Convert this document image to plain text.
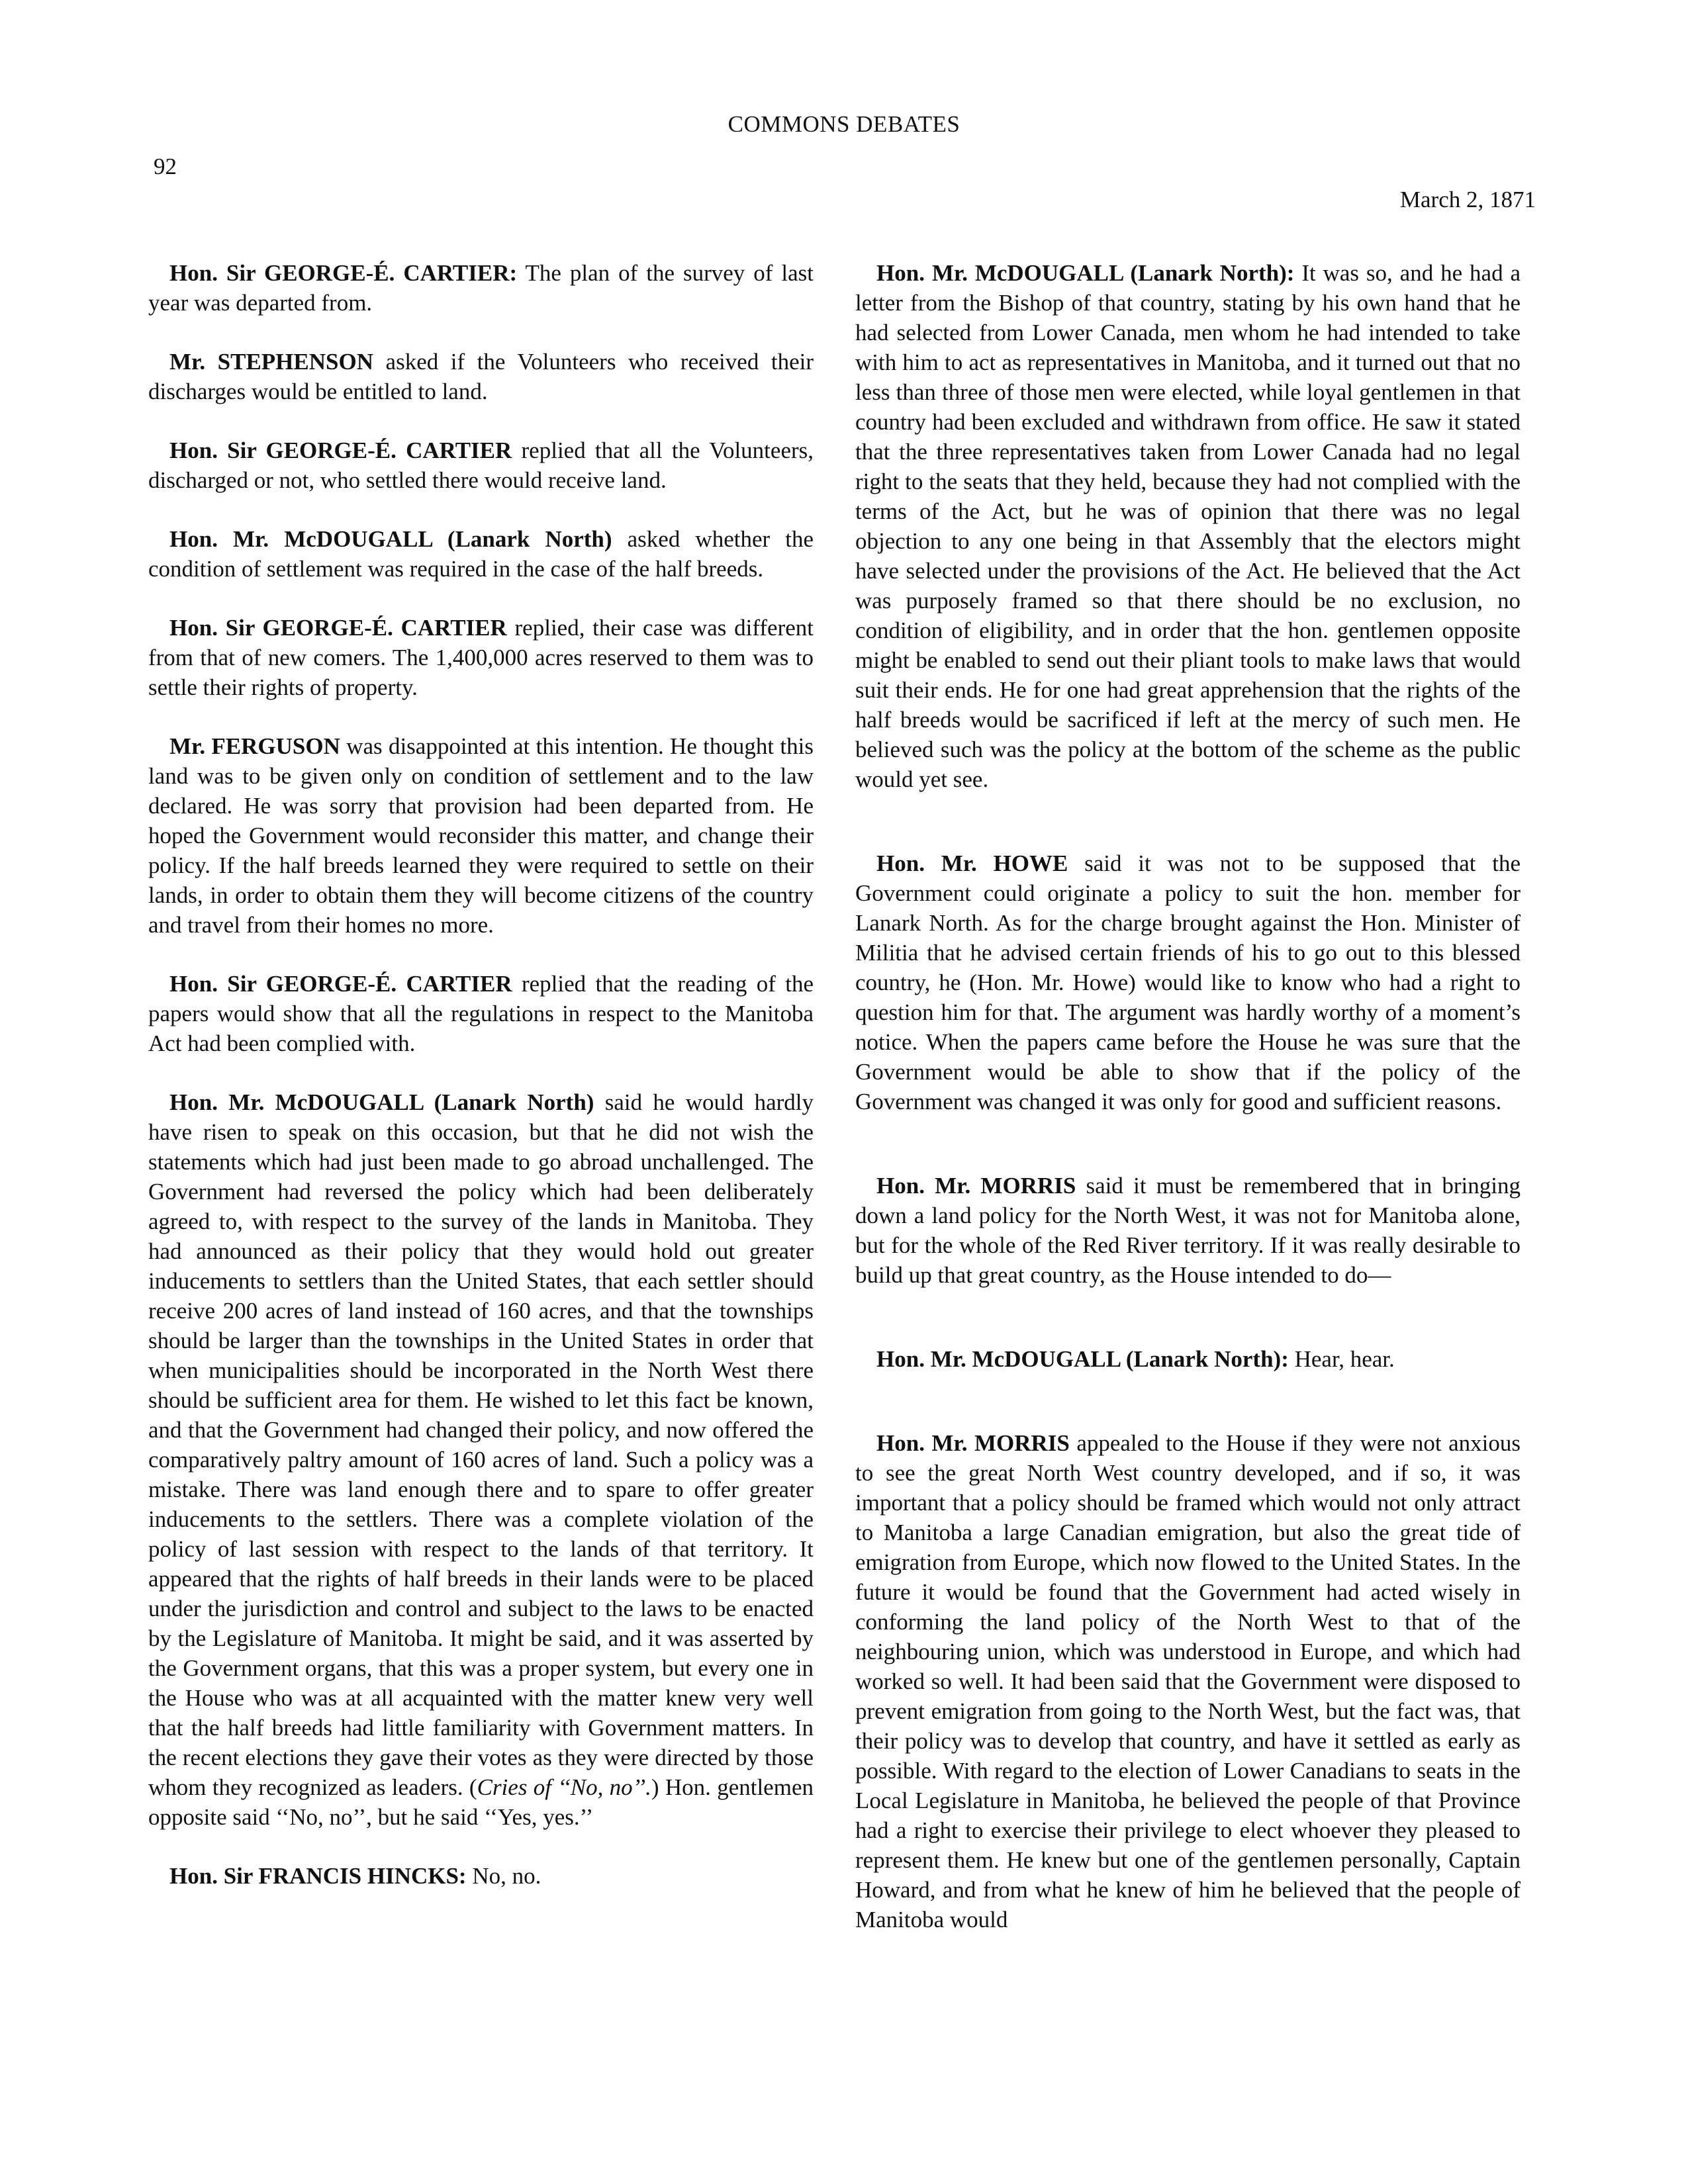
COMMONS DEBATES
92
March 2, 1871

Hon. Sir GEORGE-É. CARTIER: The plan of the survey of last year was departed from.

Mr. STEPHENSON asked if the Volunteers who received their discharges would be entitled to land.

Hon. Sir GEORGE-É. CARTIER replied that all the Volunteers, discharged or not, who settled there would receive land.

Hon. Mr. McDOUGALL (Lanark North) asked whether the condition of settlement was required in the case of the half breeds.

Hon. Sir GEORGE-É. CARTIER replied, their case was different from that of new comers. The 1,400,000 acres reserved to them was to settle their rights of property.

Mr. FERGUSON was disappointed at this intention. He thought this land was to be given only on condition of settlement and to the law declared. He was sorry that provision had been departed from. He hoped the Government would reconsider this matter, and change their policy. If the half breeds learned they were required to settle on their lands, in order to obtain them they will become citizens of the country and travel from their homes no more.

Hon. Sir GEORGE-É. CARTIER replied that the reading of the papers would show that all the regulations in respect to the Manitoba Act had been complied with.

Hon. Mr. McDOUGALL (Lanark North) said he would hardly have risen to speak on this occasion, but that he did not wish the statements which had just been made to go abroad unchallenged. The Government had reversed the policy which had been deliberately agreed to, with respect to the survey of the lands in Manitoba. They had announced as their policy that they would hold out greater inducements to settlers than the United States, that each settler should receive 200 acres of land instead of 160 acres, and that the townships should be larger than the townships in the United States in order that when municipalities should be incorporated in the North West there should be sufficient area for them. He wished to let this fact be known, and that the Government had changed their policy, and now offered the comparatively paltry amount of 160 acres of land. Such a policy was a mistake. There was land enough there and to spare to offer greater inducements to the settlers. There was a complete violation of the policy of last session with respect to the lands of that territory. It appeared that the rights of half breeds in their lands were to be placed under the jurisdiction and control and subject to the laws to be enacted by the Legislature of Manitoba. It might be said, and it was asserted by the Government organs, that this was a proper system, but every one in the House who was at all acquainted with the matter knew very well that the half breeds had little familiarity with Government matters. In the recent elections they gave their votes as they were directed by those whom they recognized as leaders. (Cries of ‘‘No, no’’.) Hon. gentlemen opposite said ‘‘No, no’’, but he said ‘‘Yes, yes.’’

Hon. Sir FRANCIS HINCKS: No, no.

Hon. Mr. McDOUGALL (Lanark North): It was so, and he had a letter from the Bishop of that country, stating by his own hand that he had selected from Lower Canada, men whom he had intended to take with him to act as representatives in Manitoba, and it turned out that no less than three of those men were elected, while loyal gentlemen in that country had been excluded and withdrawn from office. He saw it stated that the three representatives taken from Lower Canada had no legal right to the seats that they held, because they had not complied with the terms of the Act, but he was of opinion that there was no legal objection to any one being in that Assembly that the electors might have selected under the provisions of the Act. He believed that the Act was purposely framed so that there should be no exclusion, no condition of eligibility, and in order that the hon. gentlemen opposite might be enabled to send out their pliant tools to make laws that would suit their ends. He for one had great apprehension that the rights of the half breeds would be sacrificed if left at the mercy of such men. He believed such was the policy at the bottom of the scheme as the public would yet see.

Hon. Mr. HOWE said it was not to be supposed that the Government could originate a policy to suit the hon. member for Lanark North. As for the charge brought against the Hon. Minister of Militia that he advised certain friends of his to go out to this blessed country, he (Hon. Mr. Howe) would like to know who had a right to question him for that. The argument was hardly worthy of a moment’s notice. When the papers came before the House he was sure that the Government would be able to show that if the policy of the Government was changed it was only for good and sufficient reasons.

Hon. Mr. MORRIS said it must be remembered that in bringing down a land policy for the North West, it was not for Manitoba alone, but for the whole of the Red River territory. If it was really desirable to build up that great country, as the House intended to do—

Hon. Mr. McDOUGALL (Lanark North): Hear, hear.

Hon. Mr. MORRIS appealed to the House if they were not anxious to see the great North West country developed, and if so, it was important that a policy should be framed which would not only attract to Manitoba a large Canadian emigration, but also the great tide of emigration from Europe, which now flowed to the United States. In the future it would be found that the Government had acted wisely in conforming the land policy of the North West to that of the neighbouring union, which was understood in Europe, and which had worked so well. It had been said that the Government were disposed to prevent emigration from going to the North West, but the fact was, that their policy was to develop that country, and have it settled as early as possible. With regard to the election of Lower Canadians to seats in the Local Legislature in Manitoba, he believed the people of that Province had a right to exercise their privilege to elect whoever they pleased to represent them. He knew but one of the gentlemen personally, Captain Howard, and from what he knew of him he believed that the people of Manitoba would
